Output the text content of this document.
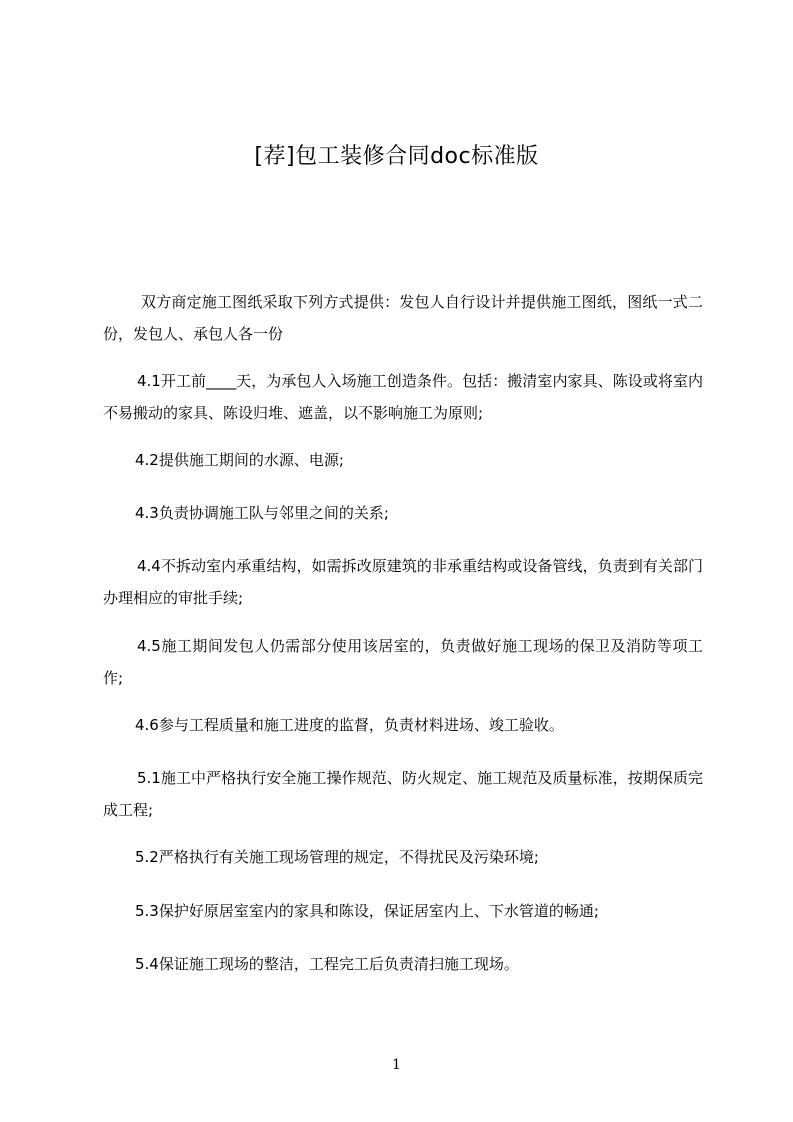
[荐]包工装修合同doc标准版

双方商定施工图纸采取下列方式提供：发包人自行设计并提供施工图纸，图纸一式二份，发包人、承包人各一份

4.1开工前____天，为承包人入场施工创造条件。包括：搬清室内家具、陈设或将室内不易搬动的家具、陈设归堆、遮盖，以不影响施工为原则;

4.2提供施工期间的水源、电源;

4.3负责协调施工队与邻里之间的关系;

4.4不拆动室内承重结构，如需拆改原建筑的非承重结构或设备管线，负责到有关部门办理相应的审批手续;

4.5施工期间发包人仍需部分使用该居室的，负责做好施工现场的保卫及消防等项工作;

4.6参与工程质量和施工进度的监督，负责材料进场、竣工验收。

5.1施工中严格执行安全施工操作规范、防火规定、施工规范及质量标准，按期保质完成工程;

5.2严格执行有关施工现场管理的规定，不得扰民及污染环境;

5.3保护好原居室室内的家具和陈设，保证居室内上、下水管道的畅通;

5.4保证施工现场的整洁，工程完工后负责清扫施工现场。

1
